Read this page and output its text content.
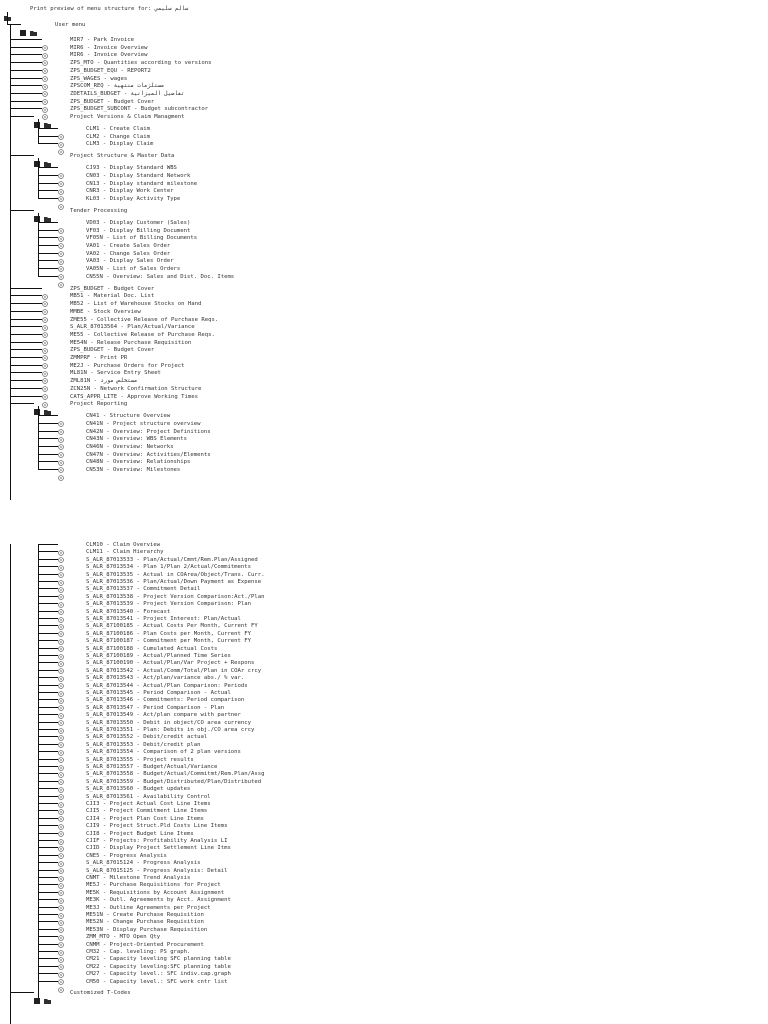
Print preview of menu structure for: سالم سليمي
User menu
MIR7 - Park Invoice
MIR6 - Invoice Overview
MIR6 - Invoice Overview
ZPS_MTO - Quantities according to versions
ZPS_BUDGET_EQU - REPORT2
ZPS_WAGES - wages
ZPSCOM_REQ - مستلزمات منتهية
ZDETAILS_BUDGET - تفاصيل الميزانية
ZPS_BUDGET - Budget Cover
ZPS_BUDGET_SUBCONT - Budget subcontractor
Project Versions & Claim Managment
CLM1 - Create Claim
CLM2 - Change Claim
CLM3 - Display Claim
Project Structure & Master Data
CJ93 - Display Standard WBS
CN03 - Display Standard Network
CN13 - Display standard milestone
CNR3 - Display Work Center
KL03 - Display Activity Type
Tender Processing
VD03 - Display Customer (Sales)
VF03 - Display Billing Document
VF05N - List of Billing Documents
VA01 - Create Sales Order
VA02 - Change Sales Order
VA03 - Display Sales Order
VA05N - List of Sales Orders
CN55N - Overview: Sales and Dist. Doc. Items
ZPS_BUDGET - Budget Cover
MB51 - Material Doc. List
MB52 - List of Warehouse Stocks on Hand
MMBE - Stock Overview
ZME55 - Collective Release of Purchase Reqs.
S_ALR_87013564 - Plan/Actual/Variance
ME55 - Collective Release of Purchase Reqs.
ME54N - Release Purchase Requisition
ZPS_BUDGET - Budget Cover
ZMMPRF - Print PR
ME2J - Purchase Orders for Project
ML81N - Service Entry Sheet
ZML81N - مستخلص مورد
ZCN25N - Network Confirmation Structure
CATS_APPR_LITE - Approve Working Times
Project Reporting
CN41 - Structure Overview
CN41N - Project structure overview
CN42N - Overview: Project Definitions
CN43N - Overview: WBS Elements
CN46N - Overview: Networks
CN47N - Overview: Activities/Elements
CN48N - Overview: Relationships
CN53N - Overview: Milestones
CLM10 - Claim Overview
CLM11 - Claim Hierarchy
S_ALR_87013533 - Plan/Actual/Cmmt/Rem.Plan/Assigned
S_ALR_87013534 - Plan 1/Plan 2/Actual/Commitments
S_ALR_87013535 - Actual in COArea/Object/Trans. Curr.
S_ALR_87013536 - Plan/Actual/Down Payment as Expense
S_ALR_87013537 - Commitment Detail
S_ALR_87013538 - Project Version Comparison:Act./Plan
S_ALR_87013539 - Project Version Comparison: Plan
S_ALR_87013540 - Forecast
S_ALR_87013541 - Project Interest: Plan/Actual
S_ALR_87100185 - Actual Costs Per Month, Current FY
S_ALR_87100186 - Plan Costs per Month, Current FY
S_ALR_87100187 - Commitment per Month, Current FY
S_ALR_87100188 - Cumulated Actual Costs
S_ALR_87100189 - Actual/Planned Time Series
S_ALR_87100190 - Actual/Plan/Var Project + Respons
S_ALR_87013542 - Actual/Comm/Total/Plan in COAr crcy
S_ALR_87013543 - Act/plan/variance abs./ % var.
S_ALR_87013544 - Actual/Plan Comparison: Periods
S_ALR_87013545 - Period Comparison - Actual
S_ALR_87013546 - Commitments: Period comparison
S_ALR_87013547 - Period Comparison - Plan
S_ALR_87013549 - Act/plan compare with partner
S_ALR_87013550 - Debit in object/CO area currency
S_ALR_87013551 - Plan: Debits in obj./CO area crcy
S_ALR_87013552 - Debit/credit actual
S_ALR_87013553 - Debit/credit plan
S_ALR_87013554 - Comparison of 2 plan versions
S_ALR_87013555 - Project results
S_ALR_87013557 - Budget/Actual/Variance
S_ALR_87013558 - Budget/Actual/Commitmt/Rem.Plan/Assg
S_ALR_87013559 - Budget/Distributed/Plan/Distributed
S_ALR_87013560 - Budget updates
S_ALR_87013561 - Availability Control
CJI3 - Project Actual Cost Line Items
CJI5 - Project Commitment Line Items
CJI4 - Project Plan Cost Line Items
CJI9 - Project Struct.Pld Costs Line Items
CJI8 - Project Budget Line Items
CJIF - Projects: Profitability Analysis LI
CJID - Display Project Settlement Line Itms
CNE5 - Progress Analysis
S_ALR_87015124 - Progress Analysis
S_ALR_87015125 - Progress Analysis: Detail
CNMT - Milestone Trend Analysis
ME5J - Purchase Requisitions for Project
ME5K - Requisitions by Account Assignment
ME3K - Outl. Agreements by Acct. Assignment
ME3J - Outline Agreements per Project
ME51N - Create Purchase Requisition
ME52N - Change Purchase Requisition
ME53N - Display Purchase Requisition
ZMM_MTO - MTO Open Qty
CNMM - Project-Oriented Procurement
CM32 - Cap. leveling: PS graph.
CM21 - Capacity leveling SFC planning table
CM22 - Capacity leveling:SFC planning table
CM27 - Capacity level.: SFC indiv.cap.graph
CM50 - Capacity level.: SFC work cntr list
Customized T-Codes
